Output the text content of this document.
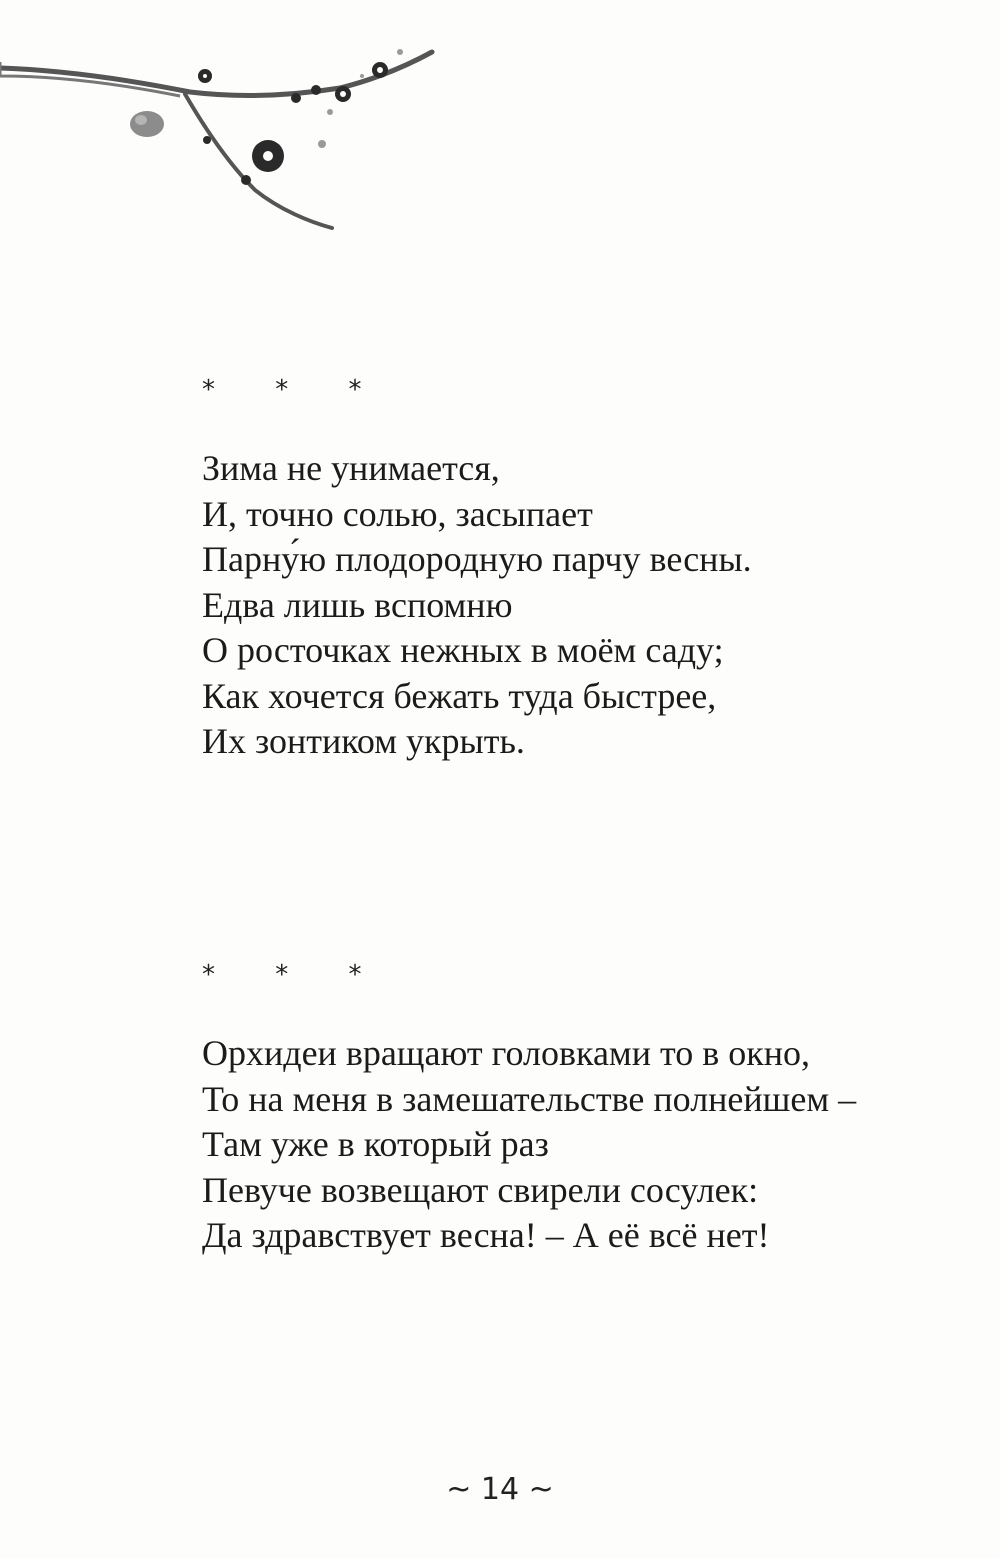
* * *
Зима не унимается,
И, точно солью, засыпает
Парну́ю плодородную парчу весны.
Едва лишь вспомню
О росточках нежных в моём саду;
Как хочется бежать туда быстрее,
Их зонтиком укрыть.
* * *
Орхидеи вращают головками то в окно,
То на меня в замешательстве полнейшем –
Там уже в который раз
Певуче возвещают свирели сосулек:
Да здравствует весна! – А её всё нет!
~ 14 ~
